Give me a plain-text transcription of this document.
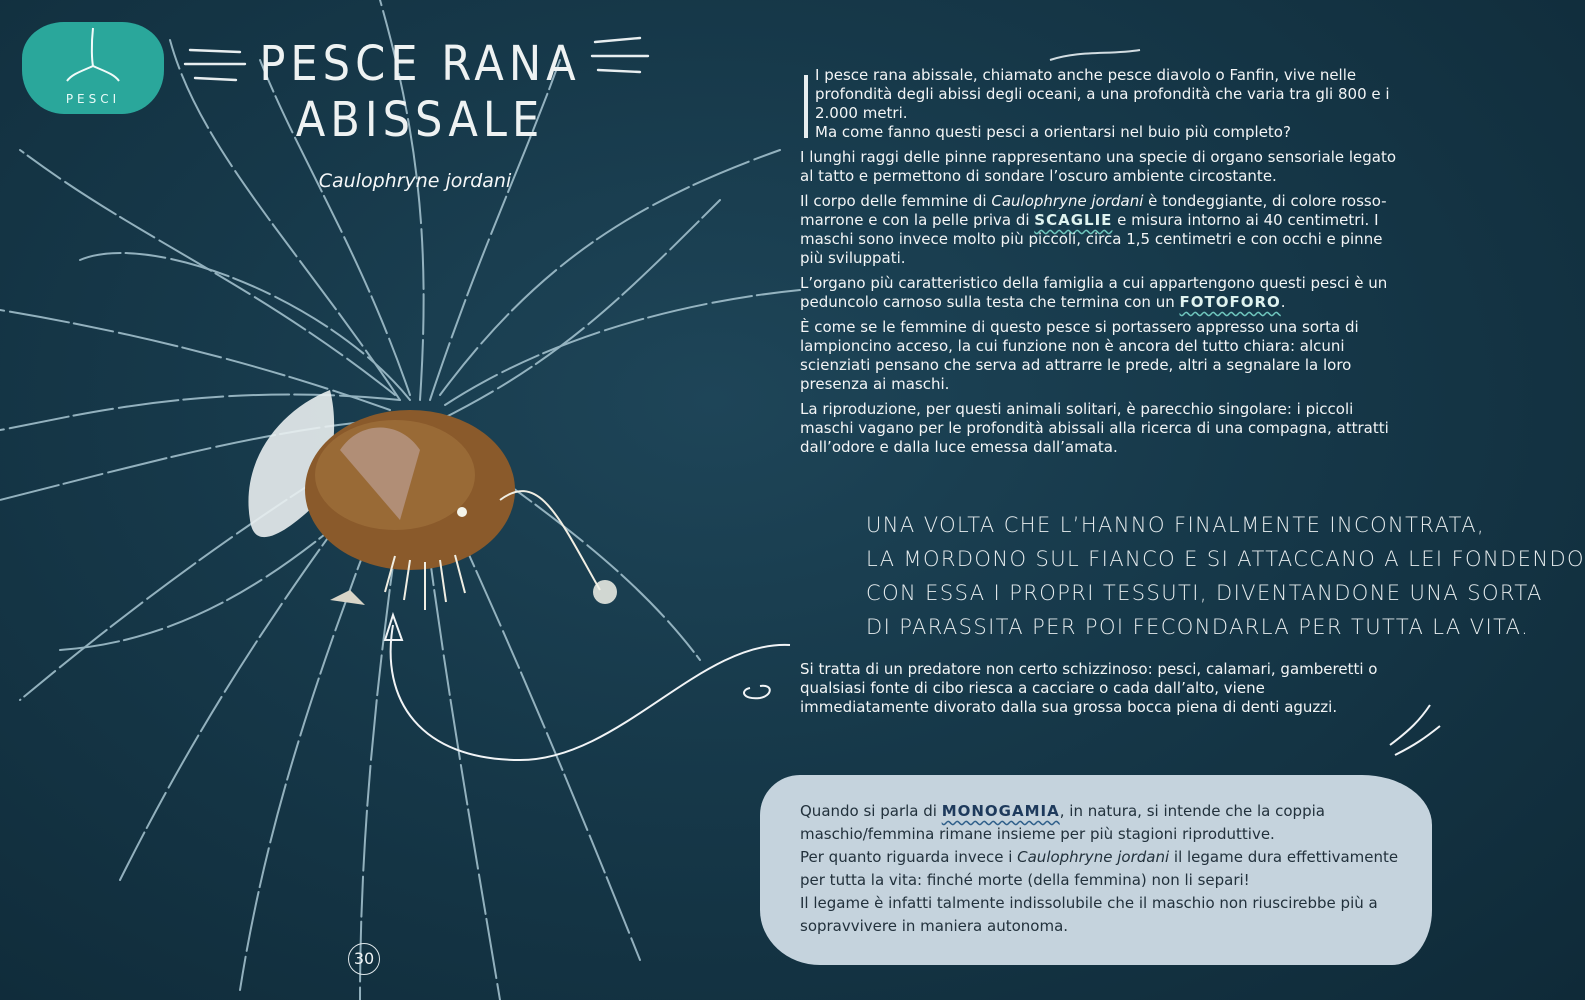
PESCI
PESCE RANA
ABISSALE
Caulophryne jordani

I pesce rana abissale, chiamato anche pesce diavolo o Fanfin, vive nelle profondità degli abissi degli oceani, a una profondità che varia tra gli 800 e i 2.000 metri.
Ma come fanno questi pesci a orientarsi nel buio più completo?

I lunghi raggi delle pinne rappresentano una specie di organo sensoriale legato al tatto e permettono di sondare l’oscuro ambiente circostante.

Il corpo delle femmine di Caulophryne jordani è tondeggiante, di colore rosso-marrone e con la pelle priva di SCAGLIE e misura intorno ai 40 centimetri. I maschi sono invece molto più piccoli, circa 1,5 centimetri e con occhi e pinne più sviluppati.

L’organo più caratteristico della famiglia a cui appartengono questi pesci è un peduncolo carnoso sulla testa che termina con un FOTOFORO.

È come se le femmine di questo pesce si portassero appresso una sorta di lampioncino acceso, la cui funzione non è ancora del tutto chiara: alcuni scienziati pensano che serva ad attrarre le prede, altri a segnalare la loro presenza ai maschi.

La riproduzione, per questi animali solitari, è parecchio singolare: i piccoli maschi vagano per le profondità abissali alla ricerca di una compagna, attratti dall’odore e dalla luce emessa dall’amata.

UNA VOLTA CHE L’HANNO FINALMENTE INCONTRATA,
LA MORDONO SUL FIANCO E SI ATTACCANO A LEI FONDENDO
CON ESSA I PROPRI TESSUTI, DIVENTANDONE UNA SORTA
DI PARASSITA PER POI FECONDARLA PER TUTTA LA VITA.

Si tratta di un predatore non certo schizzinoso: pesci, calamari, gamberetti o qualsiasi fonte di cibo riesca a cacciare o cada dall’alto, viene immediatamente divorato dalla sua grossa bocca piena di denti aguzzi.

Quando si parla di MONOGAMIA, in natura, si intende che la coppia maschio/femmina rimane insieme per più stagioni riproduttive.

Per quanto riguarda invece i Caulophryne jordani il legame dura effettivamente per tutta la vita: finché morte (della femmina) non li separi!

Il legame è infatti talmente indissolubile che il maschio non riuscirebbe più a sopravvivere in maniera autonoma.

30
